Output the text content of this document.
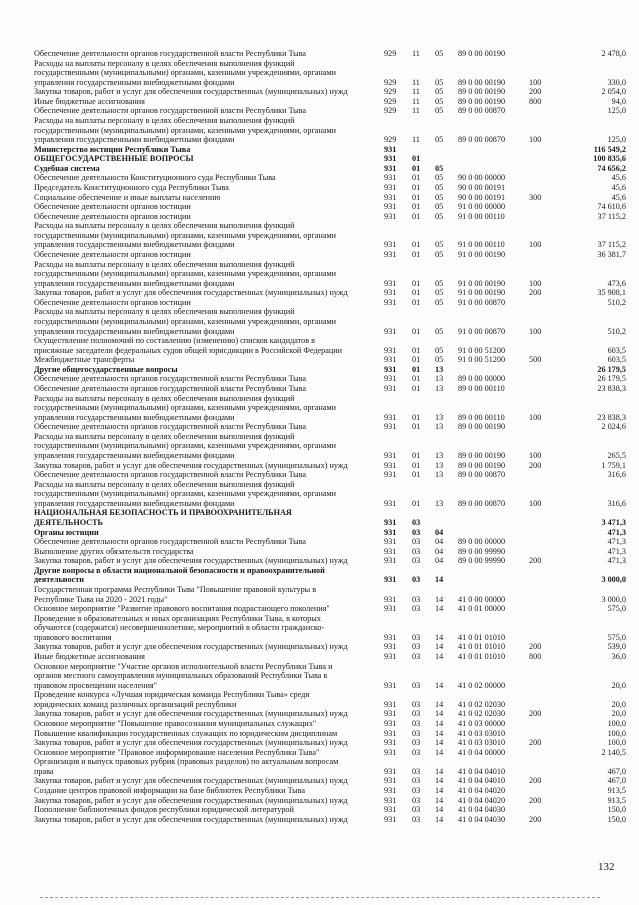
Обеспечение деятельности органов государственной власти Республики Тыва	929	11	05	89 0 00 00190	2 478,0
Расходы на выплаты персоналу в целях обеспечения выполнения функций
государственными (муниципальными) органами, казенными учреждениями, органами
управления государственными внебюджетными фондами	929	11	05	89 0 00 00190	100	330,0
Закупка товаров, работ и услуг для обеспечения государственных (муниципальных) нужд	929	11	05	89 0 00 00190	200	2 054,0
Иные бюджетные ассигнования	929	11	05	89 0 00 00190	800	94,0
Обеспечение деятельности органов государственной власти Республики Тыва	929	11	05	89 0 00 00870	125,0
Расходы на выплаты персоналу в целях обеспечения выполнения функций
государственными (муниципальными) органами, казенными учреждениями, органами
управления государственными внебюджетными фондами	929	11	05	89 0 00 00870	100	125,0
Министерство юстиции Республики Тыва	931	116 549,2
ОБЩЕГОСУДАРСТВЕННЫЕ ВОПРОСЫ	931	01	100 835,6
Судебная система	931	01	05	74 656,2
Обеспечение деятельности Конституционного суда Республики Тыва	931	01	05	90 0 00 00000	45,6
Председатель Конституционного суда Республики Тыва	931	01	05	90 0 00 00191	45,6
Социальное обеспечение и иные выплаты населению	931	01	05	90 0 00 00191	300	45,6
Обеспечение деятельности органов юстиции	931	01	05	91 0 00 00000	74 610,6
Обеспечение деятельности органов юстиции	931	01	05	91 0 00 00110	37 115,2
Расходы на выплаты персоналу в целях обеспечения выполнения функций
государственными (муниципальными) органами, казенными учреждениями, органами
управления государственными внебюджетными фондами	931	01	05	91 0 00 00110	100	37 115,2
Обеспечение деятельности органов юстиции	931	01	05	91 0 00 00190	36 381,7
Расходы на выплаты персоналу в целях обеспечения выполнения функций
государственными (муниципальными) органами, казенными учреждениями, органами
управления государственными внебюджетными фондами	931	01	05	91 0 00 00190	100	473,6
Закупка товаров, работ и услуг для обеспечения государственных (муниципальных) нужд	931	01	05	91 0 00 00190	200	35 908,1
Обеспечение деятельности органов юстиции	931	01	05	91 0 00 00870	510,2
Расходы на выплаты персоналу в целях обеспечения выполнения функций
государственными (муниципальными) органами, казенными учреждениями, органами
управления государственными внебюджетными фондами	931	01	05	91 0 00 00870	100	510,2
Осуществление полномочий по составлению (изменению) списков кандидатов в
присяжные заседатели федеральных судов общей юрисдикции в Российской Федерации	931	01	05	91 0 00 51200	603,5
Межбюджетные трансферты	931	01	05	91 0 00 51200	500	603,5
Другие общегосударственные вопросы	931	01	13	26 179,5
Обеспечение деятельности органов государственной власти Республики Тыва	931	01	13	89 0 00 00000	26 179,5
Обеспечение деятельности органов государственной власти Республики Тыва	931	01	13	89 0 00 00110	23 838,3
Расходы на выплаты персоналу в целях обеспечения выполнения функций
государственными (муниципальными) органами, казенными учреждениями, органами
управления государственными внебюджетными фондами	931	01	13	89 0 00 00110	100	23 838,3
Обеспечение деятельности органов государственной власти Республики Тыва	931	01	13	89 0 00 00190	2 024,6
Расходы на выплаты персоналу в целях обеспечения выполнения функций
государственными (муниципальными) органами, казенными учреждениями, органами
управления государственными внебюджетными фондами	931	01	13	89 0 00 00190	100	265,5
Закупка товаров, работ и услуг для обеспечения государственных (муниципальных) нужд	931	01	13	89 0 00 00190	200	1 759,1
Обеспечение деятельности органов государственной власти Республики Тыва	931	01	13	89 0 00 00870	316,6
Расходы на выплаты персоналу в целях обеспечения выполнения функций
государственными (муниципальными) органами, казенными учреждениями, органами
управления государственными внебюджетными фондами	931	01	13	89 0 00 00870	100	316,6
НАЦИОНАЛЬНАЯ БЕЗОПАСНОСТЬ И ПРАВООХРАНИТЕЛЬНАЯ
ДЕЯТЕЛЬНОСТЬ	931	03	3 471,3
Органы юстиции	931	03	04	471,3
Обеспечение деятельности органов государственной власти Республики Тыва	931	03	04	89 0 00 00000	471,3
Выполнение других обязательств государства	931	03	04	89 0 00 99990	471,3
Закупка товаров, работ и услуг для обеспечения государственных (муниципальных) нужд	931	03	04	89 0 00 99990	200	471,3
Другие вопросы в области национальной безопасности и правоохранительной
деятельности	931	03	14	3 000,0
Государственная программа Республики Тыва "Повышение правовой культуры в
Республике Тыва на 2020 - 2021 годы"	931	03	14	41 0 00 00000	3 000,0
Основное мероприятие "Развитие правового воспитания подрастающего поколения"	931	03	14	41 0 01 00000	575,0
Проведение в образовательных и иных организациях Республики Тыва, в которых
обучаются (содержатся) несовершеннолетние, мероприятий в области гражданско-
правового воспитания	931	03	14	41 0 01 01010	575,0
Закупка товаров, работ и услуг для обеспечения государственных (муниципальных) нужд	931	03	14	41 0 01 01010	200	539,0
Иные бюджетные ассигнования	931	03	14	41 0 01 01010	800	36,0
Основное мероприятие "Участие органов исполнительной власти Республики Тыва и
органов местного самоуправления муниципальных образований Республики Тыва в
правовом просвещении населения"	931	03	14	41 0 02 00000	20,0
Проведение конкурса «Лучшая юридическая команда Республики Тыва» среди
юридических команд различных организаций республики	931	03	14	41 0 02 02030	20,0
Закупка товаров, работ и услуг для обеспечения государственных (муниципальных) нужд	931	03	14	41 0 02 02030	200	20,0
Основное мероприятие "Повышение правосознания муниципальных служащих"	931	03	14	41 0 03 00000	100,0
Повышение квалификации государственных служащих по юридическим дисциплинам	931	03	14	41 0 03 03010	100,0
Закупка товаров, работ и услуг для обеспечения государственных (муниципальных) нужд	931	03	14	41 0 03 03010	200	100,0
Основное мероприятие "Правовое информирование населения Республики Тыва"	931	03	14	41 0 04 00000	2 140,5
Организация и выпуск правовых рубрик (правовых разделов) по актуальным вопросам
права	931	03	14	41 0 04 04010	467,0
Закупка товаров, работ и услуг для обеспечения государственных (муниципальных) нужд	931	03	14	41 0 04 04010	200	467,0
Создание центров правовой информации на базе библиотек Республики Тыва	931	03	14	41 0 04 04020	913,5
Закупка товаров, работ и услуг для обеспечения государственных (муниципальных) нужд	931	03	14	41 0 04 04020	200	913,5
Пополнение библиотечных фондов республики юридической литературой	931	03	14	41 0 04 04030	150,0
Закупка товаров, работ и услуг для обеспечения государственных (муниципальных) нужд	931	03	14	41 0 04 04030	200	150,0
132
